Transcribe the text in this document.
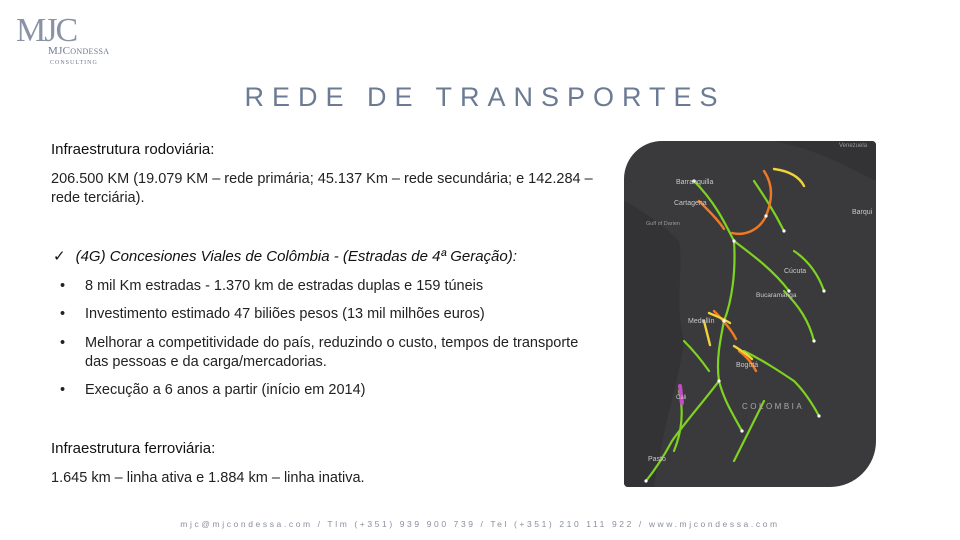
MJC
MJCondessa
CONSULTING
REDE DE TRANSPORTES
Infraestrutura rodoviária:
206.500 KM (19.079 KM – rede primária; 45.137 Km – rede secundária; e 142.284 – rede terciária).
✓ (4G) Concesiones Viales de Colômbia - (Estradas de 4ª Geração):
• 8 mil Km estradas - 1.370 km de estradas duplas e 159 túneis
• Investimento estimado 47 biliões pesos (13 mil milhões euros)
• Melhorar a competitividade do país, reduzindo o custo, tempos de transporte das pessoas e da carga/mercadorias.
• Execução a 6 anos a partir (início em 2014)
Infraestrutura ferroviária:
1.645 km – linha ativa e 1.884 km – linha inativa.
Barranquilla
Cartagena
Gulf of Darien
Barqui
Venezuela
Cúcuta
Bucaramanga
Medellín
Bogotá
COLOMBIA
Cali
Pasto
mjc@mjcondessa.com / Tlm (+351) 939 900 739 / Tel (+351) 210 111 922 / www.mjcondessa.com
